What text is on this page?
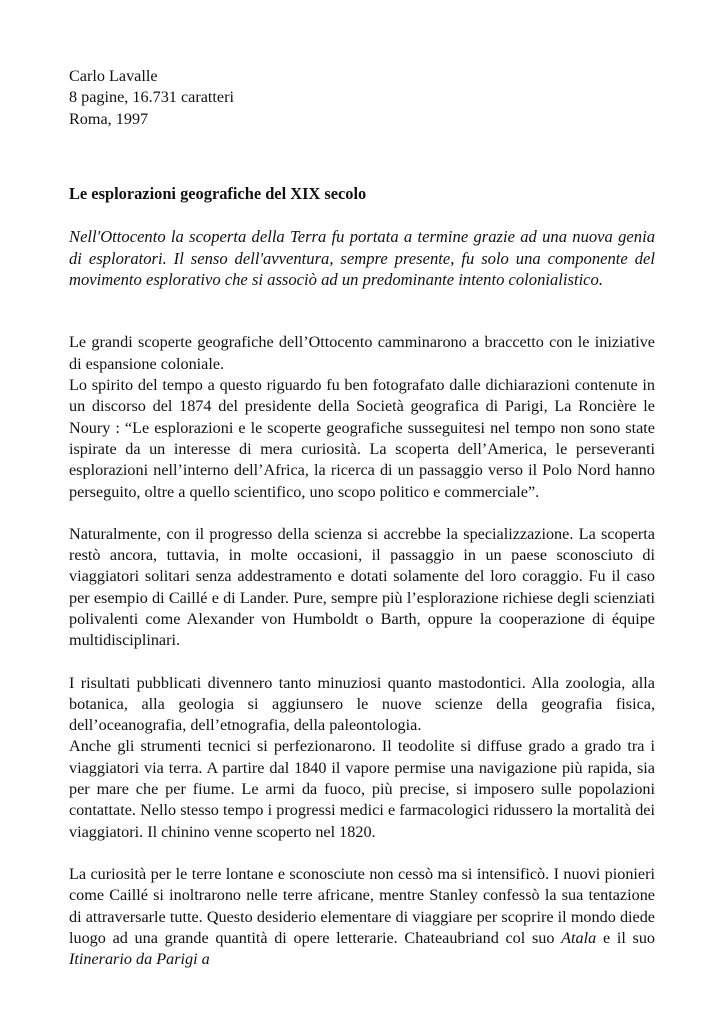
Carlo Lavalle

8 pagine, 16.731 caratteri

Roma, 1997

Le esplorazioni geografiche del XIX secolo

Nell'Ottocento la scoperta della Terra fu portata a termine grazie ad una nuova genia di esploratori. Il senso dell'avventura, sempre presente, fu solo una componente del movimento esplorativo che si associò ad un predominante intento colonialistico.

Le grandi scoperte geografiche dell’Ottocento camminarono a braccetto con le iniziative di espansione coloniale.

Lo spirito del tempo a questo riguardo fu ben fotografato dalle dichiarazioni contenute in un discorso del 1874 del presidente della Società geografica di Parigi, La Roncière le Noury : “Le esplorazioni e le scoperte geografiche susseguitesi nel tempo non sono state ispirate da un interesse di mera curiosità. La scoperta dell’America, le perseveranti esplorazioni nell’interno dell’Africa, la ricerca di un passaggio verso il Polo Nord hanno perseguito, oltre a quello scientifico, uno scopo politico e commerciale”.

Naturalmente, con il progresso della scienza si accrebbe la specializzazione. La scoperta restò ancora, tuttavia, in molte occasioni, il passaggio in un paese sconosciuto di viaggiatori solitari senza addestramento e dotati solamente del loro coraggio. Fu il caso per esempio di Caillé e di Lander. Pure, sempre più l’esplorazione richiese degli scienziati polivalenti come Alexander von Humboldt o Barth, oppure la cooperazione di équipe multidisciplinari.

I risultati pubblicati divennero tanto minuziosi quanto mastodontici. Alla zoologia, alla botanica, alla geologia si aggiunsero le nuove scienze della geografia fisica, dell’oceanografia, dell’etnografia, della paleontologia.

Anche gli strumenti tecnici si perfezionarono. Il teodolite si diffuse grado a grado tra i viaggiatori via terra. A partire dal 1840 il vapore permise una navigazione più rapida, sia per mare che per fiume. Le armi da fuoco, più precise, si imposero sulle popolazioni contattate. Nello stesso tempo i progressi medici e farmacologici ridussero la mortalità dei viaggiatori. Il chinino venne scoperto nel 1820.

La curiosità per le terre lontane e sconosciute non cessò ma si intensificò. I nuovi pionieri come Caillé si inoltrarono nelle terre africane, mentre Stanley confessò la sua tentazione di attraversarle tutte. Questo desiderio elementare di viaggiare per scoprire il mondo diede luogo ad una grande quantità di opere letterarie. Chateaubriand col suo Atala e il suo Itinerario da Parigi a
